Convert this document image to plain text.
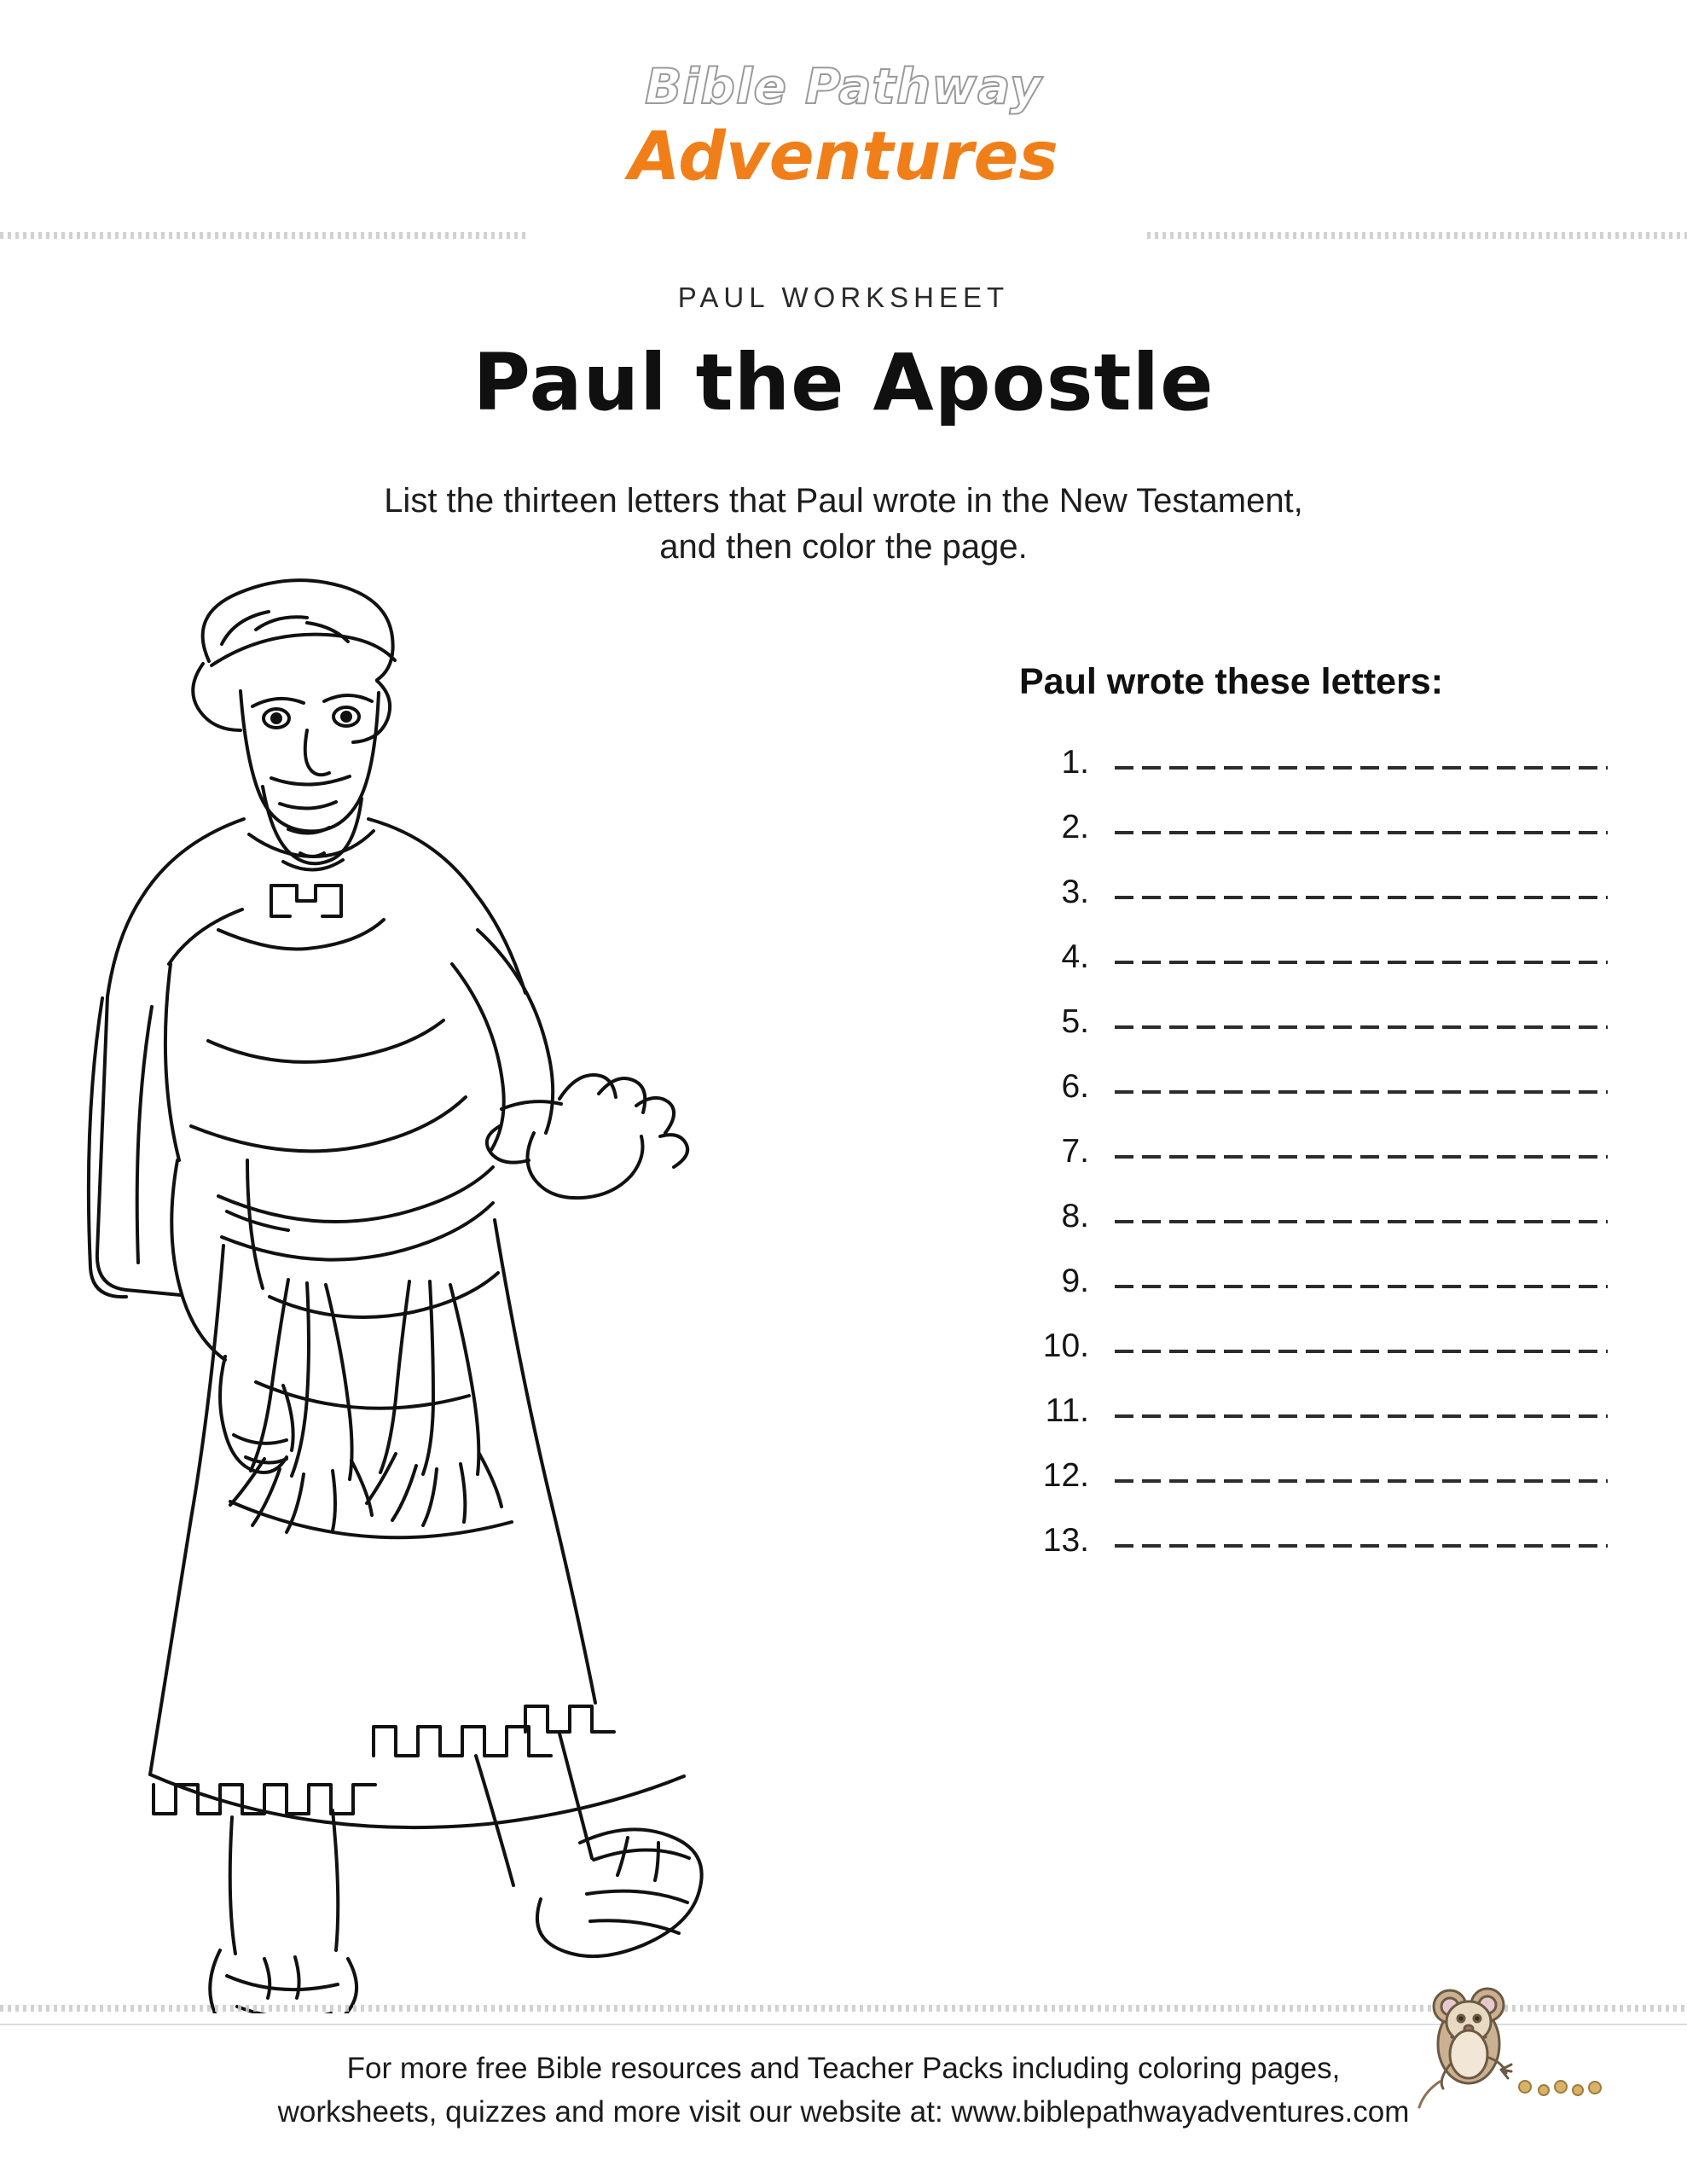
Bible Pathway
Adventures
PAUL WORKSHEET
Paul the Apostle
List the thirteen letters that Paul wrote in the New Testament,
and then color the page.
Paul wrote these letters:
1.
2.
3.
4.
5.
6.
7.
8.
9.
10.
11.
12.
13.
For more free Bible resources and Teacher Packs including coloring pages,
worksheets, quizzes and more visit our website at: www.biblepathwayadventures.com
